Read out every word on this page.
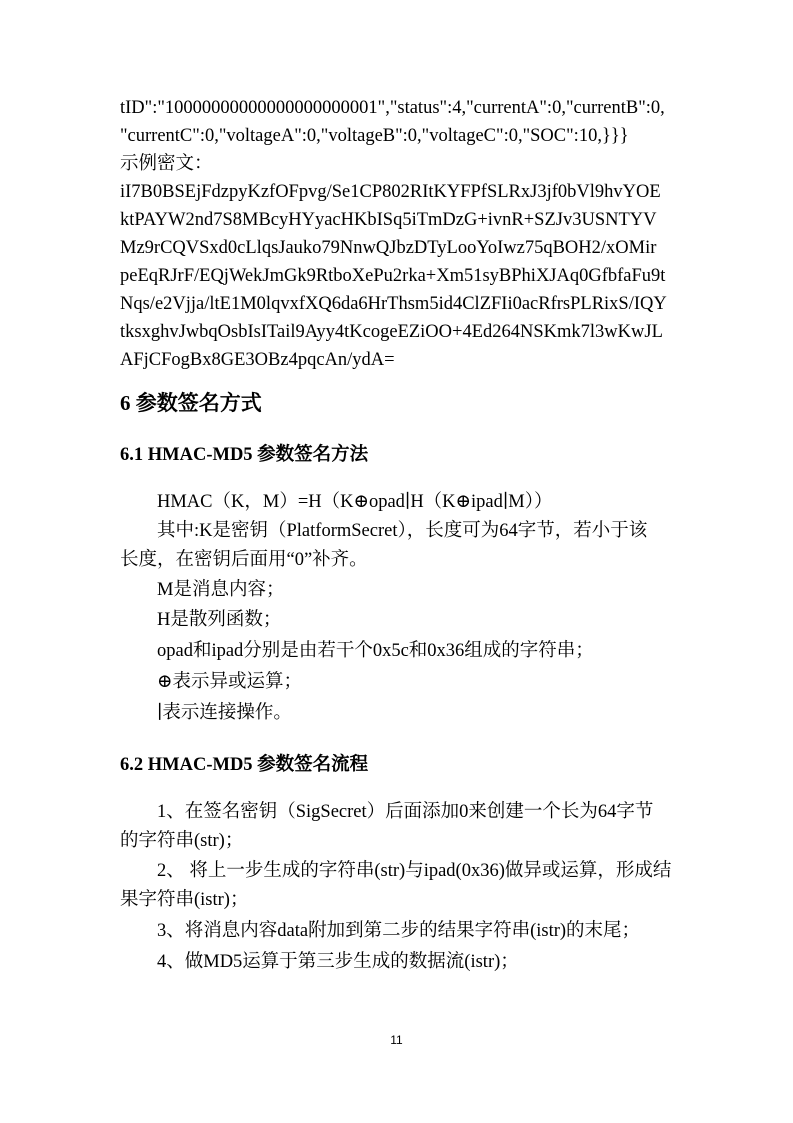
tID":"10000000000000000000001","status":4,"currentA":0,"currentB":0,
"currentC":0,"voltageA":0,"voltageB":0,"voltageC":0,"SOC":10,}}}
示例密文：
iI7B0BSEjFdzpyKzfOFpvg/Se1CP802RItKYFPfSLRxJ3jf0bVl9hvYOE
ktPAYW2nd7S8MBcyHYyacHKbISq5iTmDzG+ivnR+SZJv3USNTYV
Mz9rCQVSxd0cLlqsJauko79NnwQJbzDTyLooYoIwz75qBOH2/xOMir
peEqRJrF/EQjWekJmGk9RtboXePu2rka+Xm51syBPhiXJAq0GfbfaFu9t
Nqs/e2Vjja/ltE1M0lqvxfXQ6da6HrThsm5id4ClZFIi0acRfrsPLRixS/IQY
tksxghvJwbqOsbIsITail9Ayy4tKcogeEZiOO+4Ed264NSKmk7l3wKwJL
AFjCFogBx8GE3OBz4pqcAn/ydA=
6 参数签名方式
6.1 HMAC-MD5 参数签名方法
HMAC（K，M）=H（K⊕opad∣H（K⊕ipad∣M））
其中:K是密钥（PlatformSecret），长度可为64字节，若小于该
长度，在密钥后面用“0”补齐。
M是消息内容；
H是散列函数；
opad和ipad分别是由若干个0x5c和0x36组成的字符串；
⊕表示异或运算；
∣表示连接操作。
6.2 HMAC-MD5 参数签名流程
1、在签名密钥（SigSecret）后面添加0来创建一个长为64字节
的字符串(str)；
2、 将上一步生成的字符串(str)与ipad(0x36)做异或运算，形成结
果字符串(istr)；
3、将消息内容data附加到第二步的结果字符串(istr)的末尾；
4、做MD5运算于第三步生成的数据流(istr)；
11
